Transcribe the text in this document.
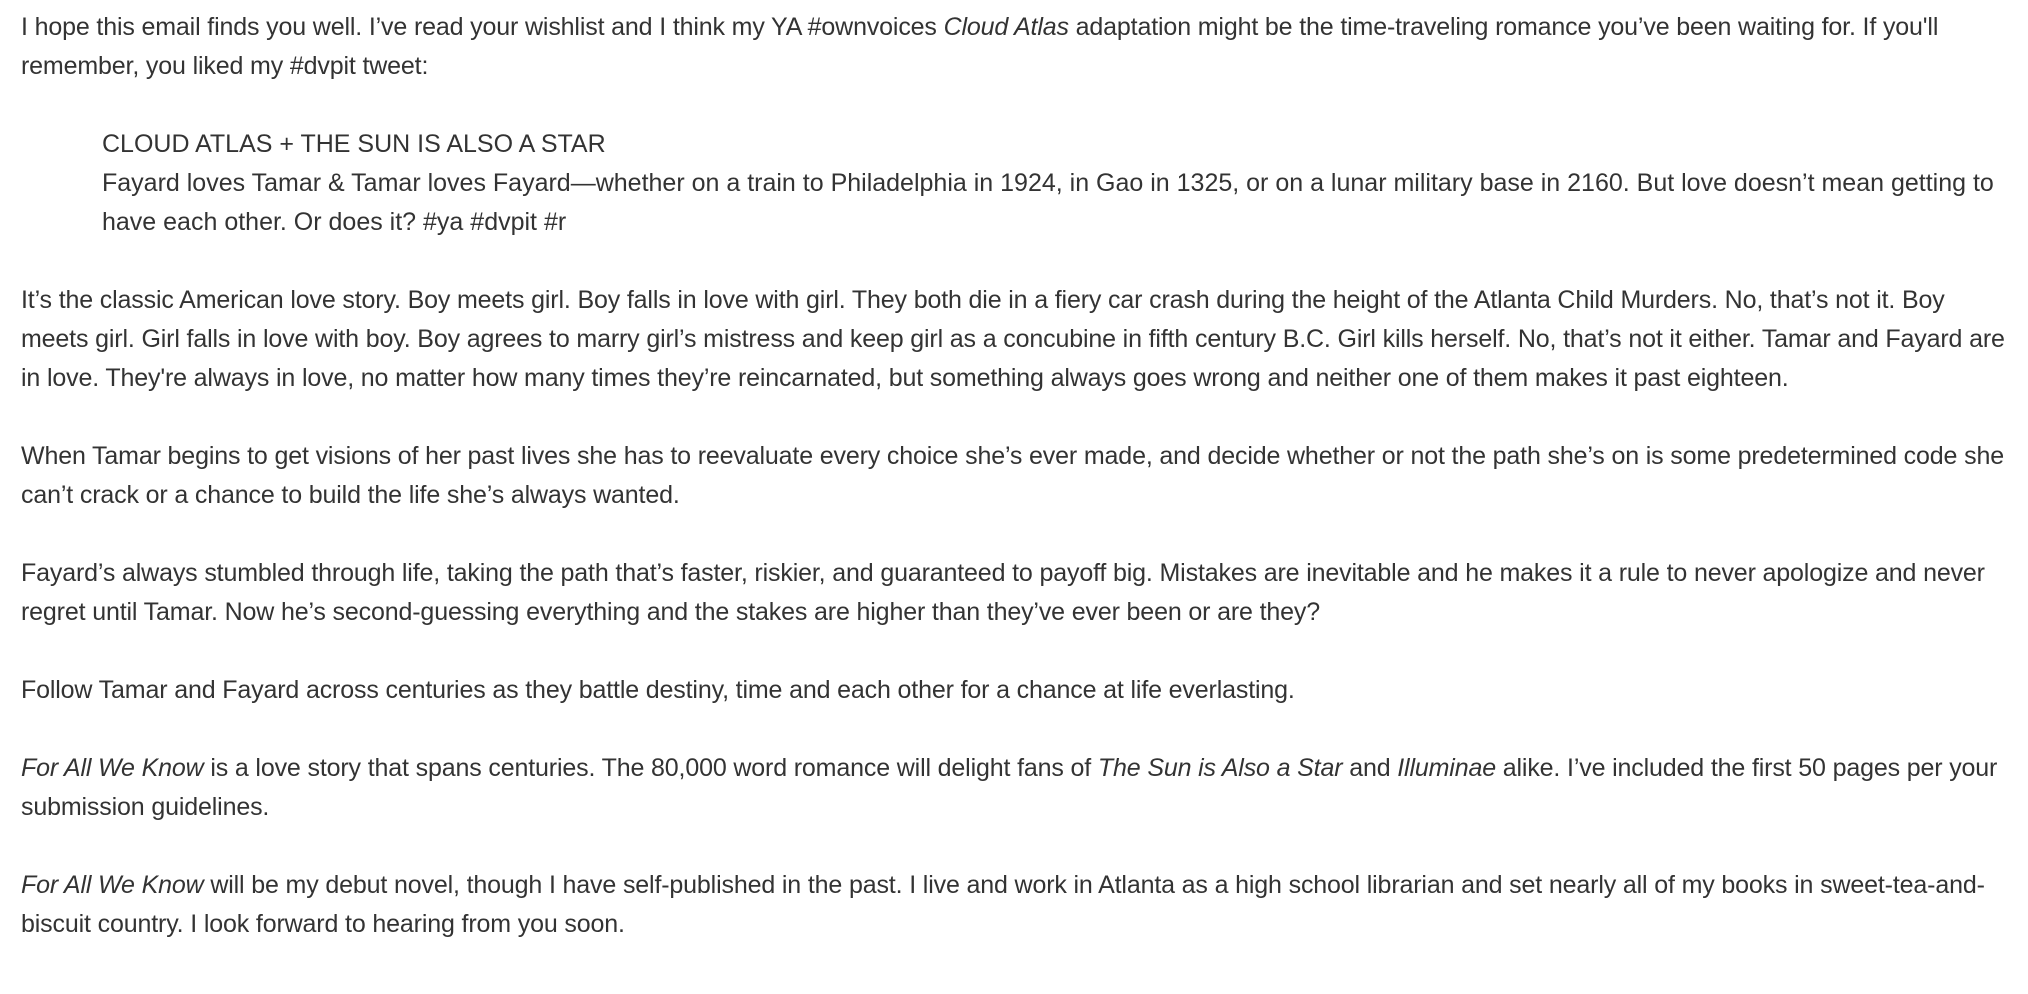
I hope this email finds you well. I’ve read your wishlist and I think my YA #ownvoices Cloud Atlas adaptation might be the time-traveling romance you’ve been waiting for. If you'll remember, you liked my #dvpit tweet:

CLOUD ATLAS + THE SUN IS ALSO A STAR
Fayard loves Tamar & Tamar loves Fayard—whether on a train to Philadelphia in 1924, in Gao in 1325, or on a lunar military base in 2160. But love doesn’t mean getting to have each other. Or does it? #ya #dvpit #r

It’s the classic American love story. Boy meets girl. Boy falls in love with girl. They both die in a fiery car crash during the height of the Atlanta Child Murders. No, that’s not it. Boy meets girl. Girl falls in love with boy. Boy agrees to marry girl’s mistress and keep girl as a concubine in fifth century B.C. Girl kills herself. No, that’s not it either. Tamar and Fayard are in love. They're always in love, no matter how many times they’re reincarnated, but something always goes wrong and neither one of them makes it past eighteen.

When Tamar begins to get visions of her past lives she has to reevaluate every choice she’s ever made, and decide whether or not the path she’s on is some predetermined code she can’t crack or a chance to build the life she’s always wanted.

Fayard’s always stumbled through life, taking the path that’s faster, riskier, and guaranteed to payoff big. Mistakes are inevitable and he makes it a rule to never apologize and never regret until Tamar. Now he’s second-guessing everything and the stakes are higher than they’ve ever been or are they?

Follow Tamar and Fayard across centuries as they battle destiny, time and each other for a chance at life everlasting.

For All We Know is a love story that spans centuries. The 80,000 word romance will delight fans of The Sun is Also a Star and Illuminae alike. I’ve included the first 50 pages per your submission guidelines.

For All We Know will be my debut novel, though I have self-published in the past. I live and work in Atlanta as a high school librarian and set nearly all of my books in sweet-tea-and-biscuit country. I look forward to hearing from you soon.
